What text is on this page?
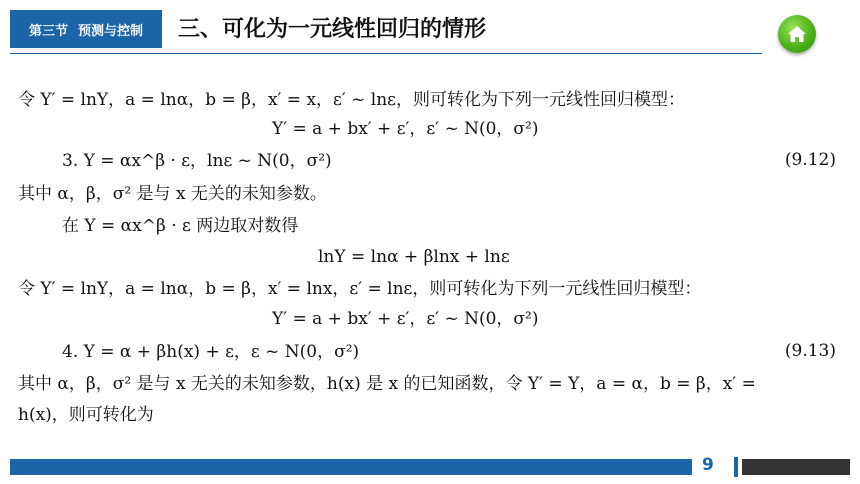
第三节 预测与控制 三、可化为一元线性回归的情形
令 Y′ = lnY，a = lnα，b = β，x′ = x，ε′ ~ lnε，则可转化为下列一元线性回归模型：
Y′ = a + bx′ + ε′，ε′ ~ N(0，σ²)
3. Y = αx^β · ε，lnε ~ N(0，σ²)	(9.12)
其中 α，β，σ² 是与 x 无关的未知参数。
在 Y = αx^β · ε 两边取对数得
lnY = lnα + βlnx + lnε
令 Y′ = lnY，a = lnα，b = β，x′ = lnx，ε′ = lnε，则可转化为下列一元线性回归模型：
Y′ = a + bx′ + ε′，ε′ ~ N(0，σ²)
4. Y = α + βh(x) + ε，ε ~ N(0，σ²)	(9.13)
其中 α，β，σ² 是与 x 无关的未知参数，h(x) 是 x 的已知函数，令 Y′ = Y，a = α，b = β，x′ =
h(x)，则可转化为
9
